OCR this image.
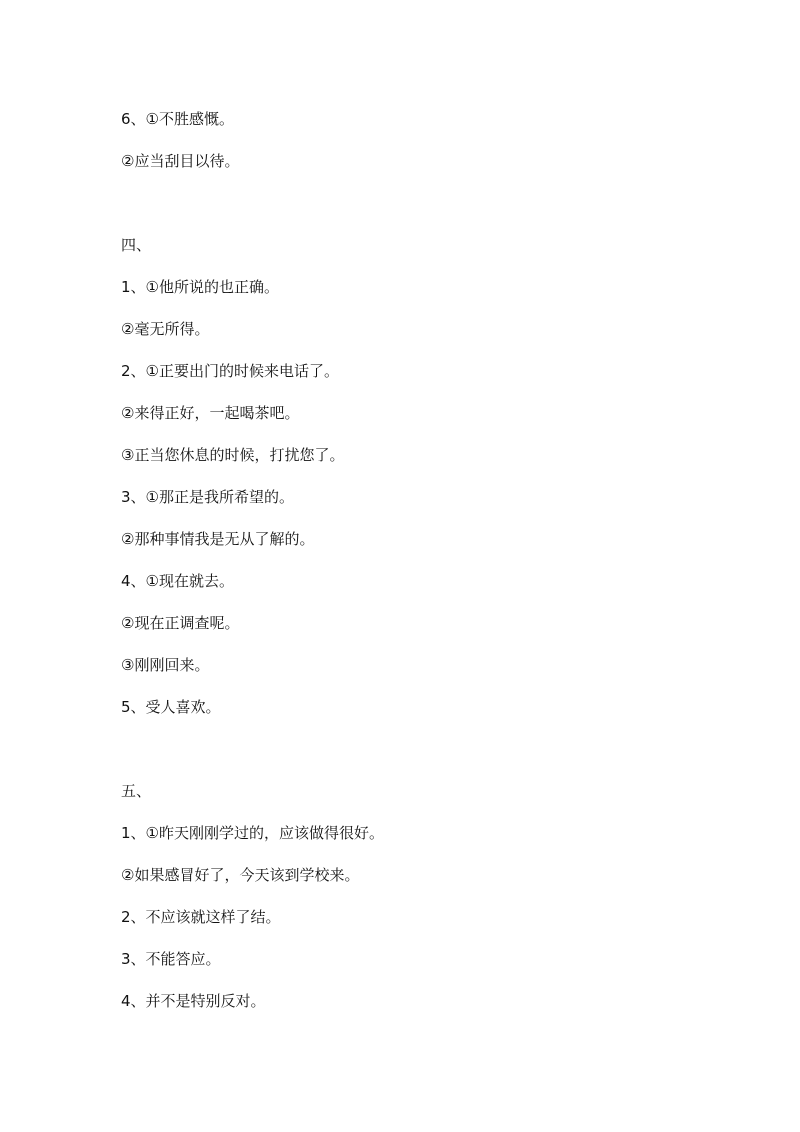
6、①不胜感慨。
②应当刮目以待。
四、
1、①他所说的也正确。
②毫无所得。
2、①正要出门的时候来电话了。
②来得正好，一起喝茶吧。
③正当您休息的时候，打扰您了。
3、①那正是我所希望的。
②那种事情我是无从了解的。
4、①现在就去。
②现在正调查呢。
③刚刚回来。
5、受人喜欢。
五、
1、①昨天刚刚学过的，应该做得很好。
②如果感冒好了，今天该到学校来。
2、不应该就这样了结。
3、不能答应。
4、并不是特别反对。
